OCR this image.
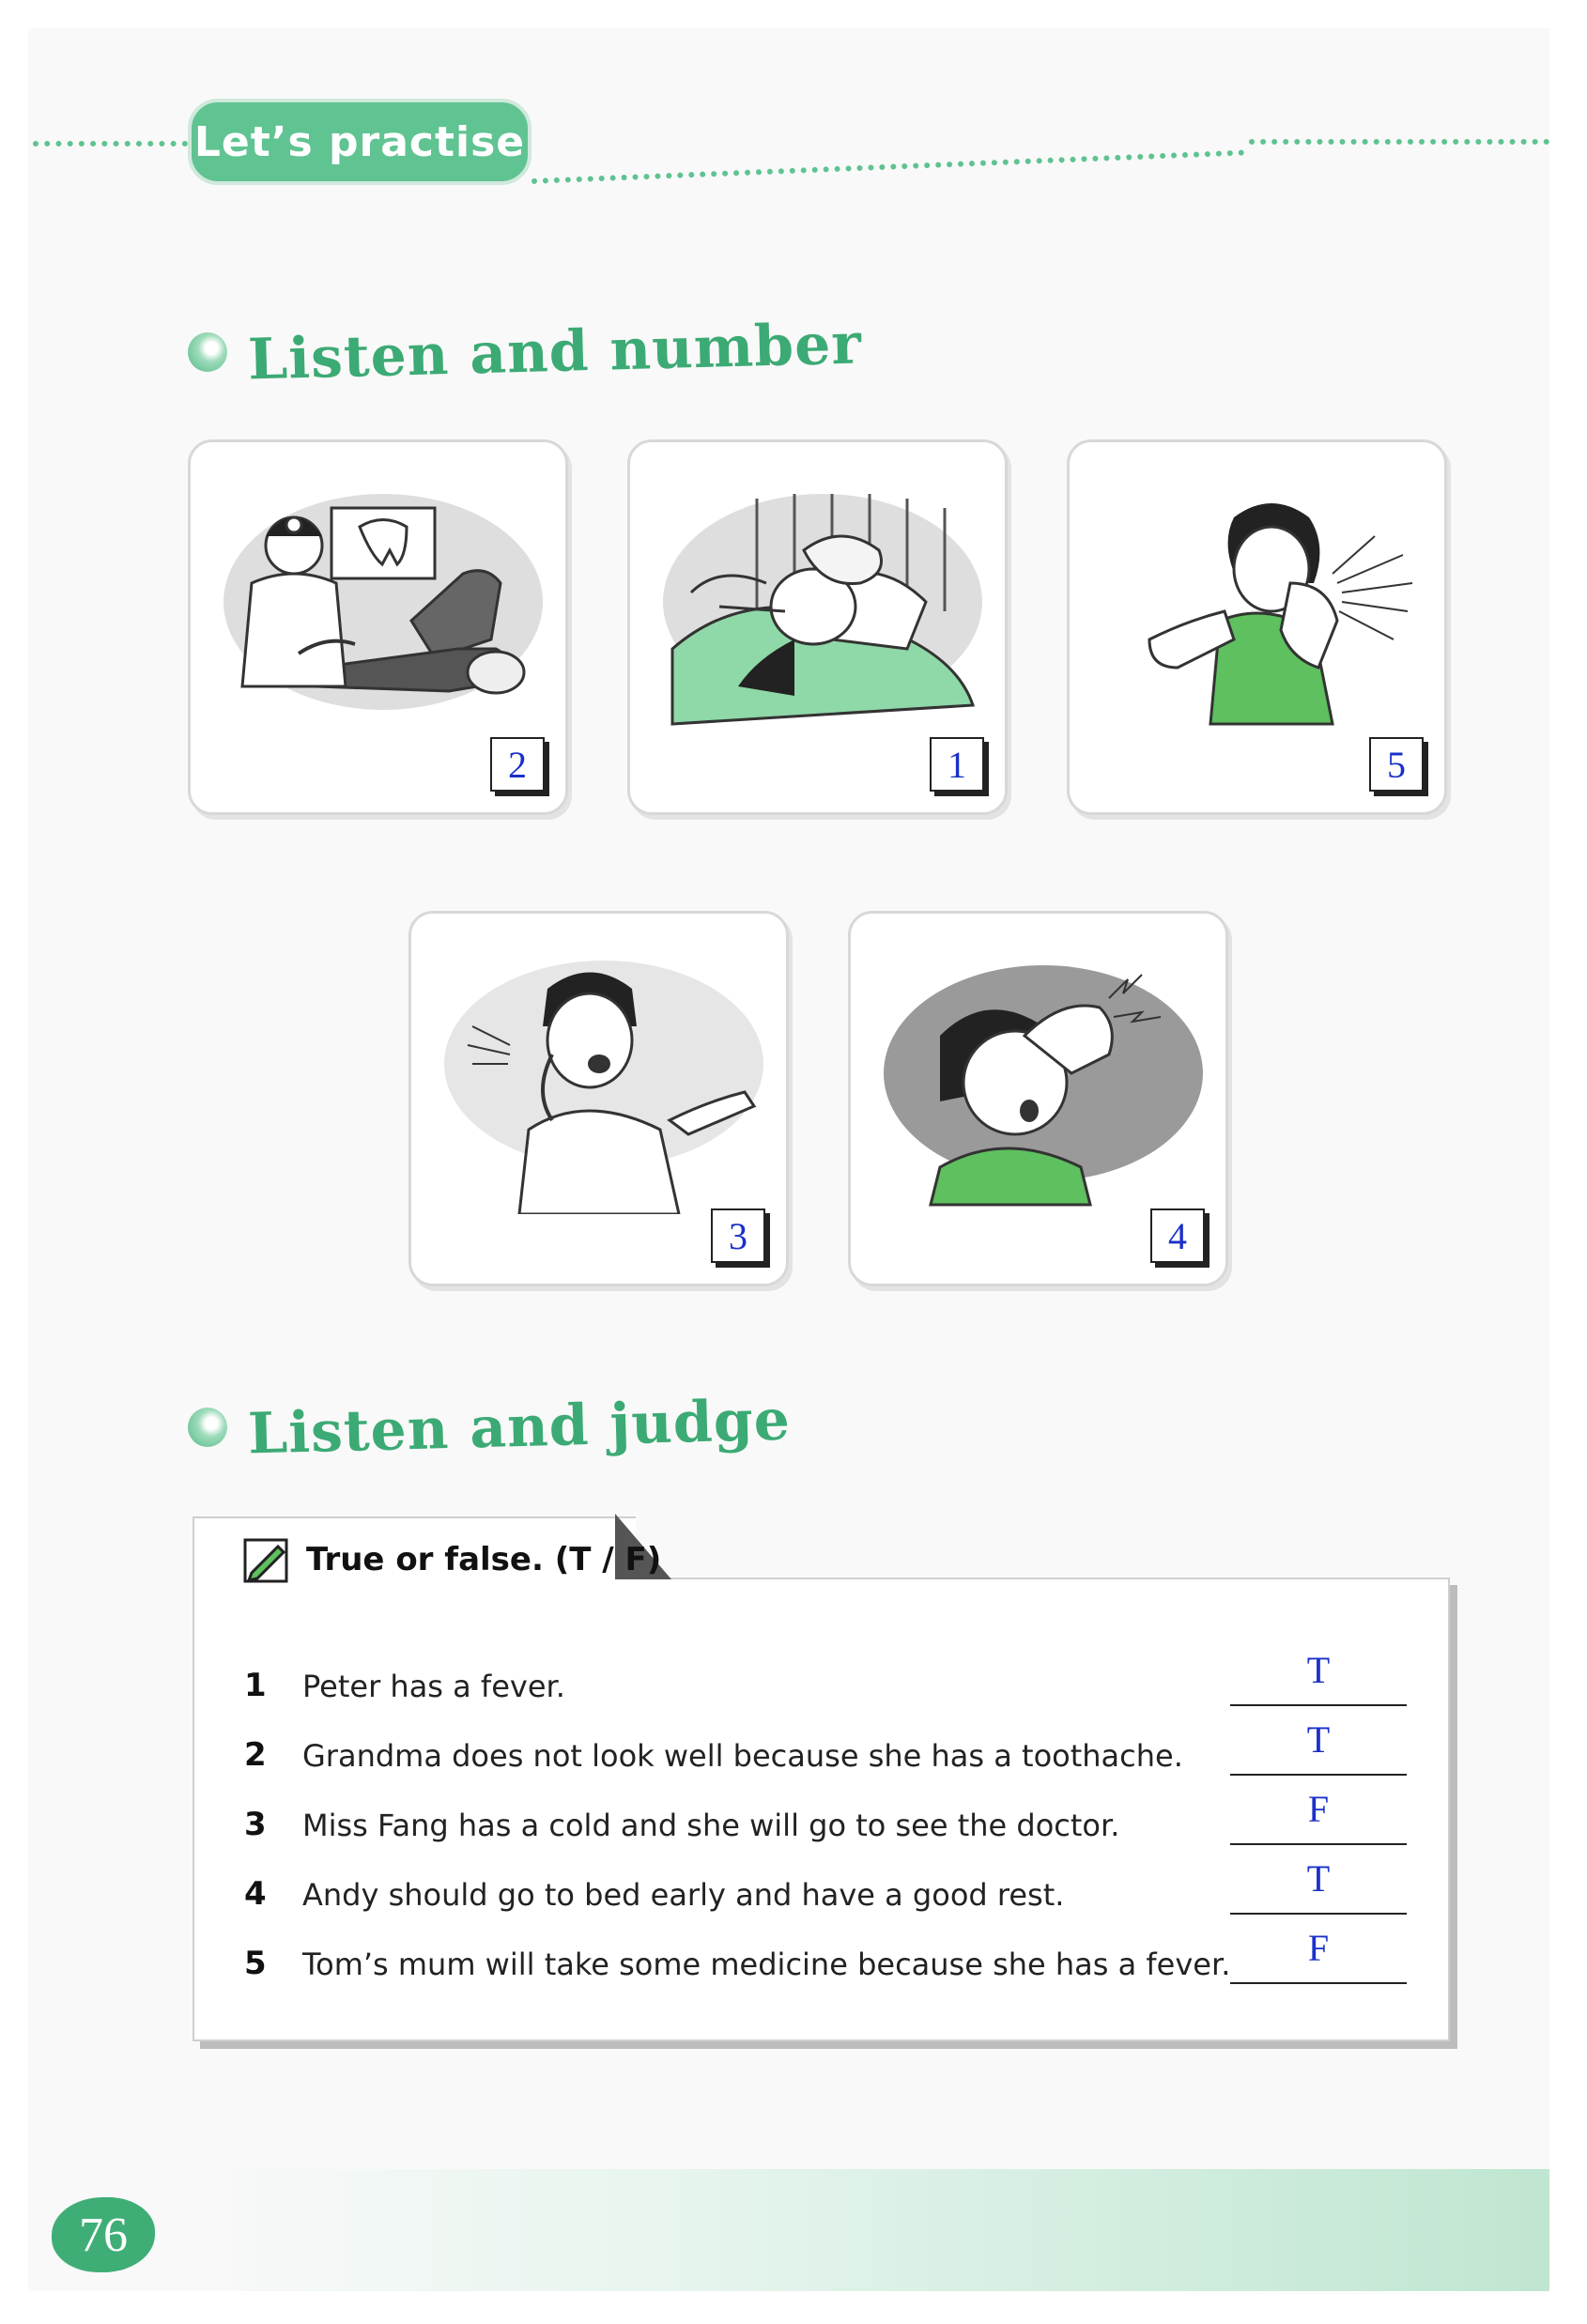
Let’s practise
Listen and number
2	1	5
3	4
Listen and judge
True or false. (T / F)
1 Peter has a fever.	T
2 Grandma does not look well because she has a toothache.	T
3 Miss Fang has a cold and she will go to see the doctor.	F
4 Andy should go to bed early and have a good rest.	T
5 Tom’s mum will take some medicine because she has a fever.	F
76
